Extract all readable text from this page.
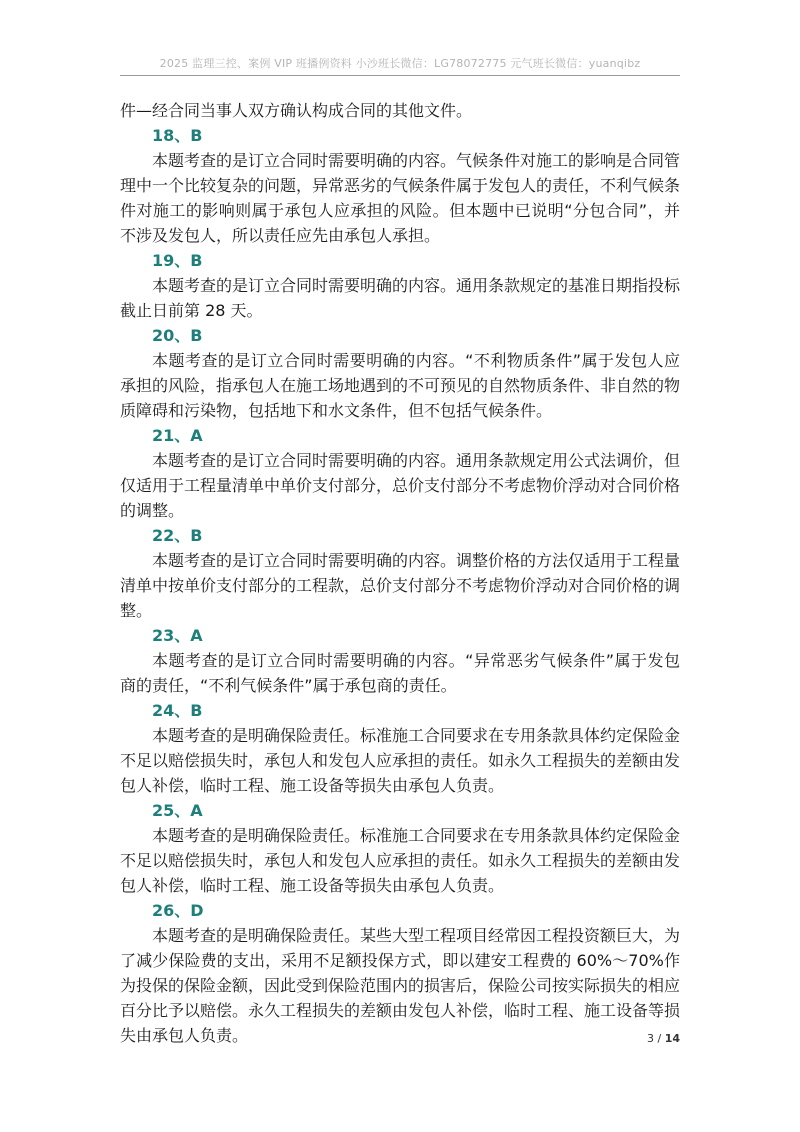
2025 监理三控、案例 VIP 班播例资料 小沙班长微信：LG78072775 元气班长微信：yuanqibz

件—经合同当事人双方确认构成合同的其他文件。

18、B

本题考查的是订立合同时需要明确的内容。气候条件对施工的影响是合同管理中一个比较复杂的问题，异常恶劣的气候条件属于发包人的责任，不利气候条件对施工的影响则属于承包人应承担的风险。但本题中已说明“分包合同”，并不涉及发包人，所以责任应先由承包人承担。

19、B

本题考查的是订立合同时需要明确的内容。通用条款规定的基准日期指投标截止日前第 28 天。

20、B

本题考查的是订立合同时需要明确的内容。“不利物质条件”属于发包人应承担的风险，指承包人在施工场地遇到的不可预见的自然物质条件、非自然的物质障碍和污染物，包括地下和水文条件，但不包括气候条件。

21、A

本题考查的是订立合同时需要明确的内容。通用条款规定用公式法调价，但仅适用于工程量清单中单价支付部分，总价支付部分不考虑物价浮动对合同价格的调整。

22、B

本题考查的是订立合同时需要明确的内容。调整价格的方法仅适用于工程量清单中按单价支付部分的工程款，总价支付部分不考虑物价浮动对合同价格的调整。

23、A

本题考查的是订立合同时需要明确的内容。“异常恶劣气候条件”属于发包商的责任，“不利气候条件”属于承包商的责任。

24、B

本题考查的是明确保险责任。标准施工合同要求在专用条款具体约定保险金不足以赔偿损失时，承包人和发包人应承担的责任。如永久工程损失的差额由发包人补偿，临时工程、施工设备等损失由承包人负责。

25、A

本题考查的是明确保险责任。标准施工合同要求在专用条款具体约定保险金不足以赔偿损失时，承包人和发包人应承担的责任。如永久工程损失的差额由发包人补偿，临时工程、施工设备等损失由承包人负责。

26、D

本题考查的是明确保险责任。某些大型工程项目经常因工程投资额巨大，为了减少保险费的支出，采用不足额投保方式，即以建安工程费的 60%～70%作为投保的保险金额，因此受到保险范围内的损害后，保险公司按实际损失的相应百分比予以赔偿。永久工程损失的差额由发包人补偿，临时工程、施工设备等损失由承包人负责。	3 / 14
